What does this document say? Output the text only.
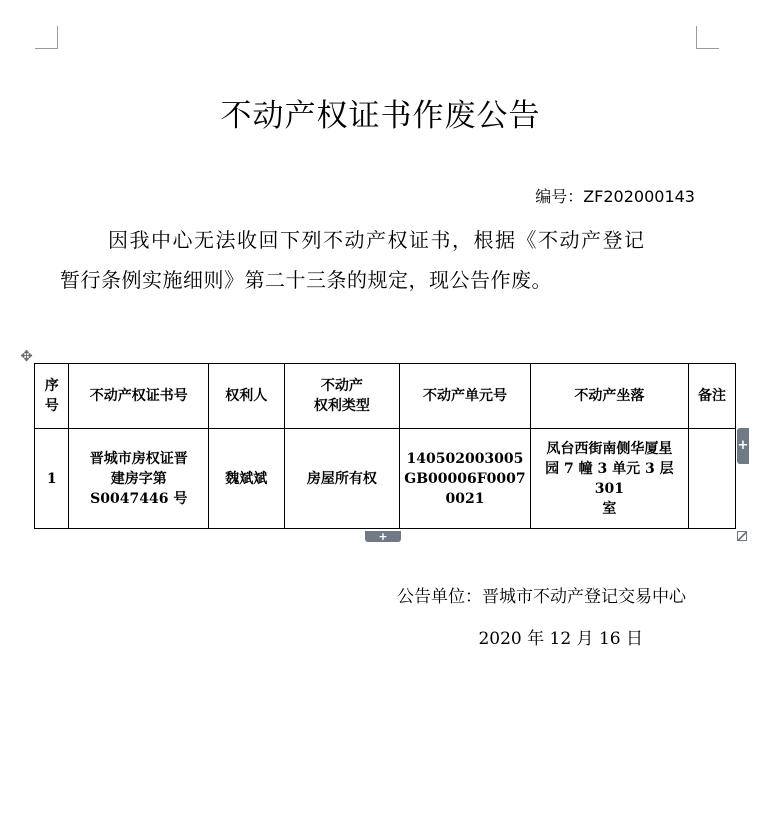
不动产权证书作废公告
编号：ZF202000143
因我中心无法收回下列不动产权证书，根据《不动产登记
暂行条例实施细则》第二十三条的规定，现公告作废。
✥
序
号	不动产权证书号	权利人	不动产
权利类型	不动产单元号	不动产坐落	备注
1	晋城市房权证晋
建房字第
S0047446 号	魏斌斌	房屋所有权	140502003005
GB00006F0007
0021	凤台西街南侧华厦星
园 7 幢 3 单元 3 层 301
室	
+
+
公告单位：晋城市不动产登记交易中心
2020 年 12 月 16 日
